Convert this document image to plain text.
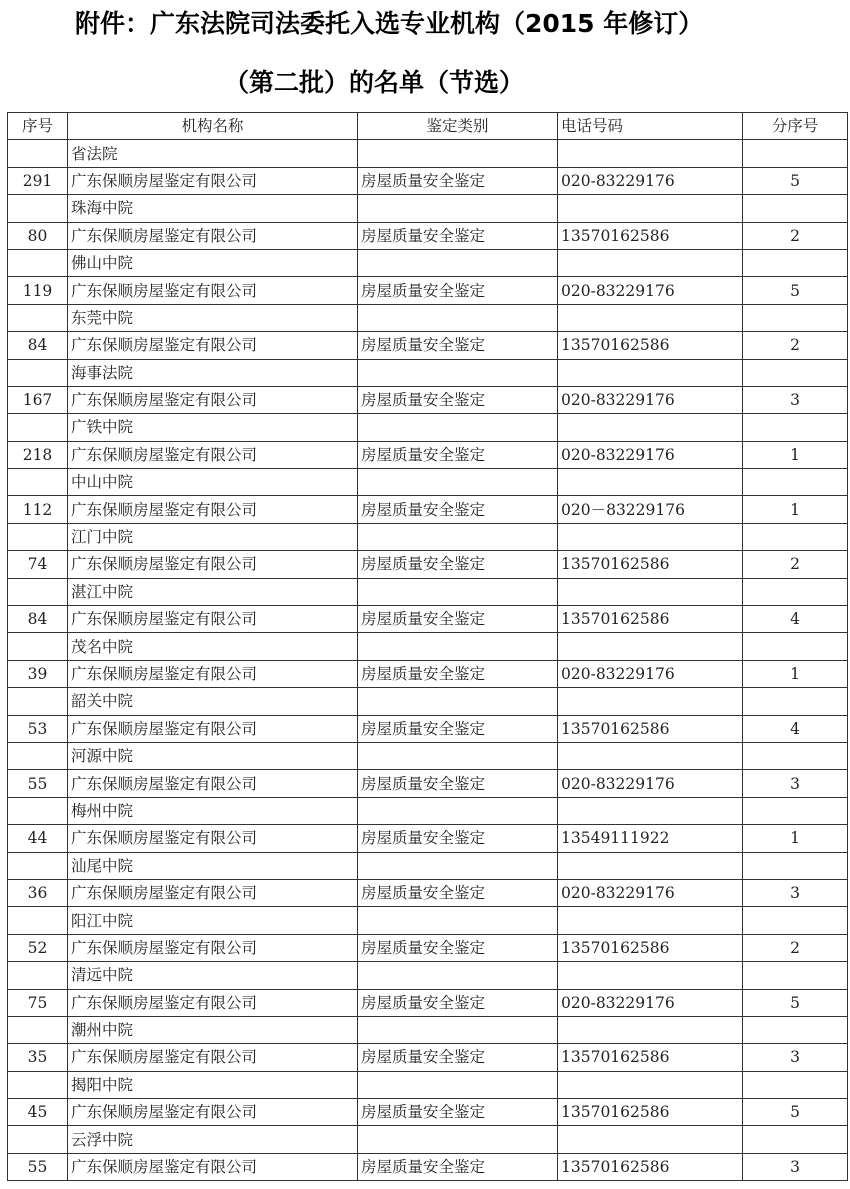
附件：广东法院司法委托入选专业机构（2015 年修订）
（第二批）的名单（节选）
序号	机构名称	鉴定类别	电话号码	分序号
	省法院			
291	广东保顺房屋鉴定有限公司	房屋质量安全鉴定	020-83229176	5
	珠海中院			
80	广东保顺房屋鉴定有限公司	房屋质量安全鉴定	13570162586	2
	佛山中院			
119	广东保顺房屋鉴定有限公司	房屋质量安全鉴定	020-83229176	5
	东莞中院			
84	广东保顺房屋鉴定有限公司	房屋质量安全鉴定	13570162586	2
	海事法院			
167	广东保顺房屋鉴定有限公司	房屋质量安全鉴定	020-83229176	3
	广铁中院			
218	广东保顺房屋鉴定有限公司	房屋质量安全鉴定	020-83229176	1
	中山中院			
112	广东保顺房屋鉴定有限公司	房屋质量安全鉴定	020－83229176	1
	江门中院			
74	广东保顺房屋鉴定有限公司	房屋质量安全鉴定	13570162586	2
	湛江中院			
84	广东保顺房屋鉴定有限公司	房屋质量安全鉴定	13570162586	4
	茂名中院			
39	广东保顺房屋鉴定有限公司	房屋质量安全鉴定	020-83229176	1
	韶关中院			
53	广东保顺房屋鉴定有限公司	房屋质量安全鉴定	13570162586	4
	河源中院			
55	广东保顺房屋鉴定有限公司	房屋质量安全鉴定	020-83229176	3
	梅州中院			
44	广东保顺房屋鉴定有限公司	房屋质量安全鉴定	13549111922	1
	汕尾中院			
36	广东保顺房屋鉴定有限公司	房屋质量安全鉴定	020-83229176	3
	阳江中院			
52	广东保顺房屋鉴定有限公司	房屋质量安全鉴定	13570162586	2
	清远中院			
75	广东保顺房屋鉴定有限公司	房屋质量安全鉴定	020-83229176	5
	潮州中院			
35	广东保顺房屋鉴定有限公司	房屋质量安全鉴定	13570162586	3
	揭阳中院			
45	广东保顺房屋鉴定有限公司	房屋质量安全鉴定	13570162586	5
	云浮中院			
55	广东保顺房屋鉴定有限公司	房屋质量安全鉴定	13570162586	3
